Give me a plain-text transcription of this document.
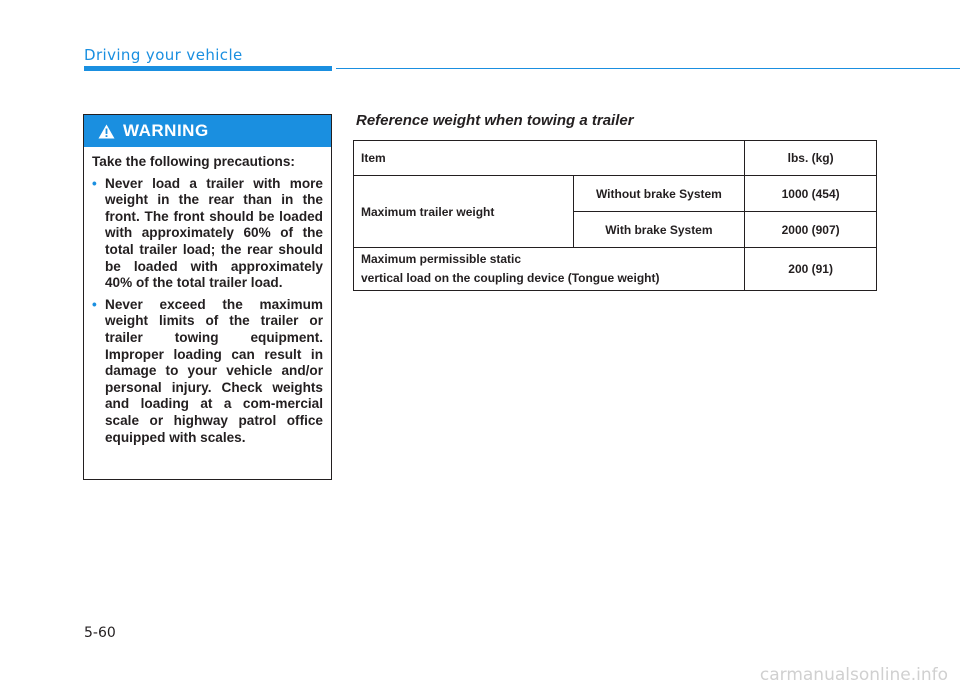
Driving your vehicle
WARNING

Take the following precautions:

• Never load a trailer with more weight in the rear than in the front. The front should be loaded with approximately 60% of the total trailer load; the rear should be loaded with approximately 40% of the total trailer load.
• Never exceed the maximum weight limits of the trailer or trailer towing equipment. Improper loading can result in damage to your vehicle and/or personal injury. Check weights and loading at a com-mercial scale or highway patrol office equipped with scales.
Reference weight when towing a trailer
Item		lbs. (kg)
Maximum trailer weight	Without brake System	1000 (454)
	With brake System	2000 (907)
Maximum permissible static
vertical load on the coupling device (Tongue weight)		200 (91)
5-60
carmanualsonline.info
